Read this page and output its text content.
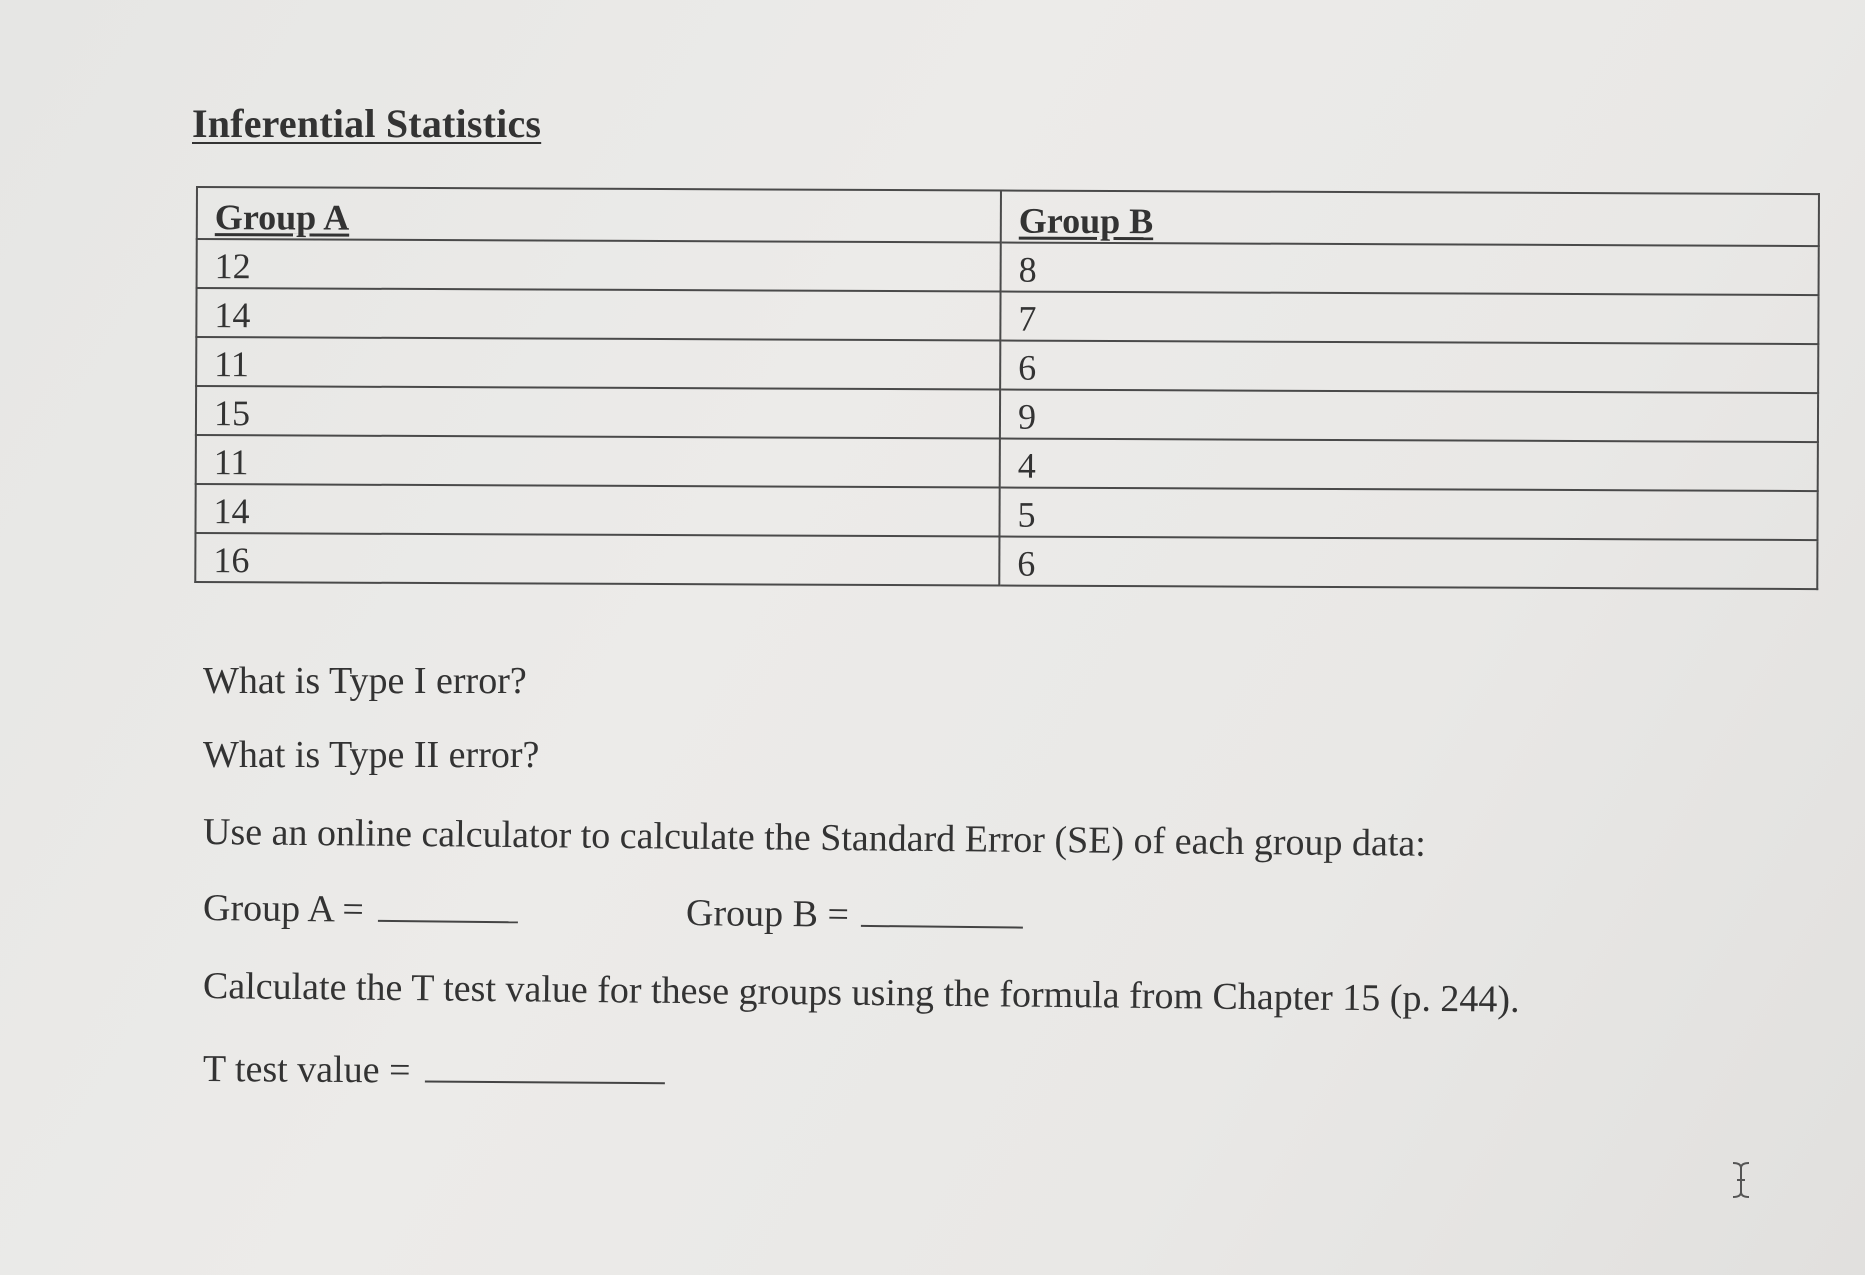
Inferential Statistics
Group A	Group B
12	8
14	7
11	6
15	9
11	4
14	5
16	6

What is Type I error?

What is Type II error?

Use an online calculator to calculate the Standard Error (SE) of each group data:

Group A =	Group B =

Calculate the T test value for these groups using the formula from Chapter 15 (p. 244).

T test value =
